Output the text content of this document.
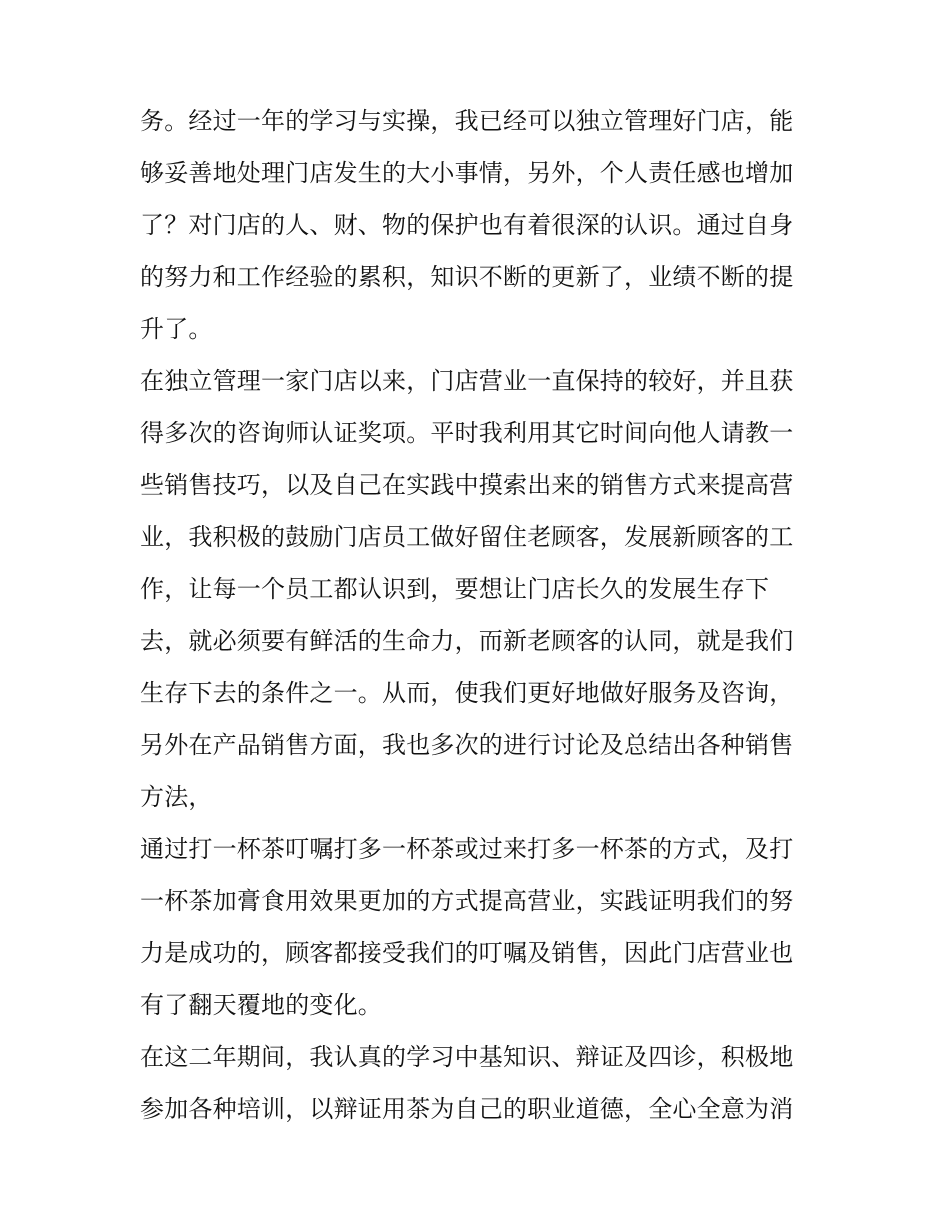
务。经过一年的学习与实操，我已经可以独立管理好门店，能
够妥善地处理门店发生的大小事情，另外，个人责任感也增加
了？对门店的人、财、物的保护也有着很深的认识。通过自身
的努力和工作经验的累积，知识不断的更新了，业绩不断的提
升了。
在独立管理一家门店以来，门店营业一直保持的较好，并且获
得多次的咨询师认证奖项。平时我利用其它时间向他人请教一
些销售技巧，以及自己在实践中摸索出来的销售方式来提高营
业，我积极的鼓励门店员工做好留住老顾客，发展新顾客的工
作，让每一个员工都认识到，要想让门店长久的发展生存下
去，就必须要有鲜活的生命力，而新老顾客的认同，就是我们
生存下去的条件之一。从而，使我们更好地做好服务及咨询，
另外在产品销售方面，我也多次的进行讨论及总结出各种销售
方法，
通过打一杯茶叮嘱打多一杯茶或过来打多一杯茶的方式，及打
一杯茶加膏食用效果更加的方式提高营业，实践证明我们的努
力是成功的，顾客都接受我们的叮嘱及销售，因此门店营业也
有了翻天覆地的变化。
在这二年期间，我认真的学习中基知识、辩证及四诊，积极地
参加各种培训，以辩证用茶为自己的职业道德，全心全意为消
